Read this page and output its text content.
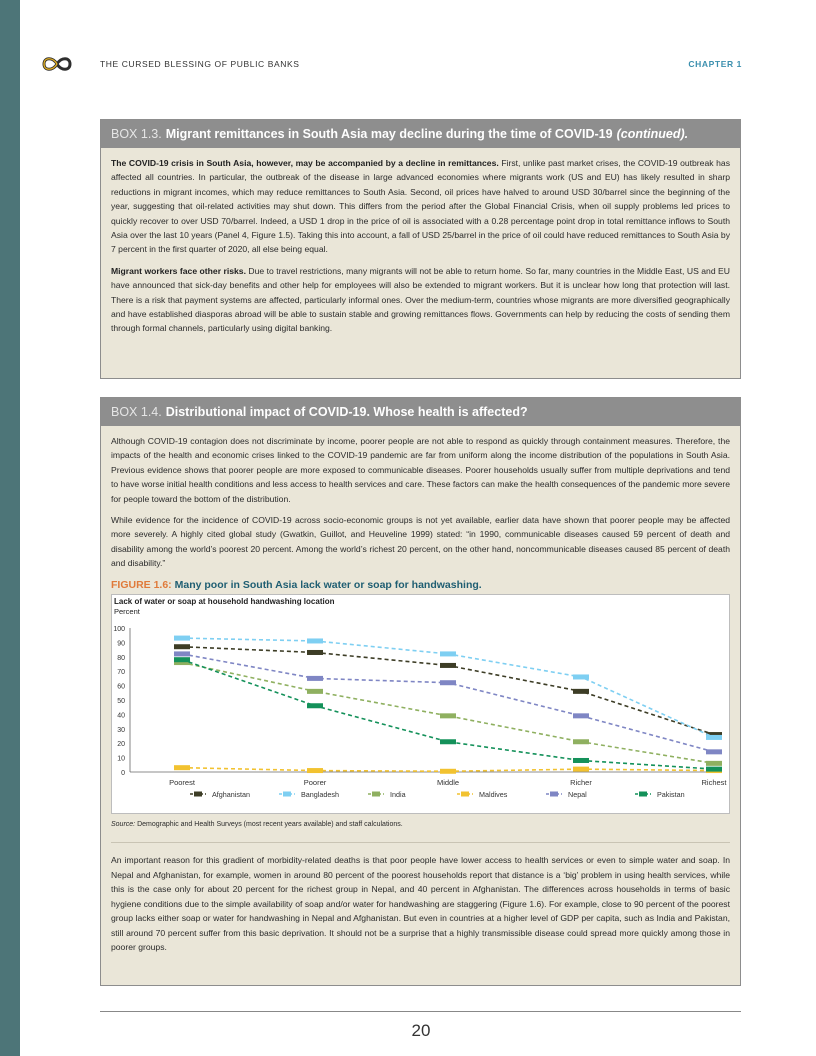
THE CURSED BLESSING OF PUBLIC BANKS	CHAPTER 1
BOX 1.3. Migrant remittances in South Asia may decline during the time of COVID-19 (continued).

The COVID-19 crisis in South Asia, however, may be accompanied by a decline in remittances. First, unlike past market crises, the COVID-19 outbreak has affected all countries. In particular, the outbreak of the disease in large advanced economies where migrants work (US and EU) has likely resulted in sharp reductions in migrant incomes, which may reduce remittances to South Asia. Second, oil prices have halved to around USD 30/barrel since the beginning of the year, suggesting that oil-related activities may shut down. This differs from the period after the Global Financial Crisis, when oil supply problems led prices to quickly recover to over USD 70/barrel. Indeed, a USD 1 drop in the price of oil is associated with a 0.28 percentage point drop in total remittance inflows to South Asia over the last 10 years (Panel 4, Figure 1.5). Taking this into account, a fall of USD 25/barrel in the price of oil could have reduced remittances to South Asia by 7 percent in the first quarter of 2020, all else being equal.

Migrant workers face other risks. Due to travel restrictions, many migrants will not be able to return home. So far, many countries in the Middle East, US and EU have announced that sick-day benefits and other help for employees will also be extended to migrant workers. But it is unclear how long that protection will last. There is a risk that payment systems are affected, particularly informal ones. Over the medium-term, countries whose migrants are more diversified geographically and have established diasporas abroad will be able to sustain stable and growing remittances flows. Governments can help by reducing the costs of sending them through formal channels, particularly using digital banking.

BOX 1.4. Distributional impact of COVID-19. Whose health is affected?

Although COVID-19 contagion does not discriminate by income, poorer people are not able to respond as quickly through containment measures. Therefore, the impacts of the health and economic crises linked to the COVID-19 pandemic are far from uniform along the income distribution of the populations in South Asia. Previous evidence shows that poorer people are more exposed to communicable diseases. Poorer households usually suffer from multiple deprivations and tend to have worse initial health conditions and less access to health services and care. These factors can make the health consequences of the pandemic more severe for people toward the bottom of the distribution.

While evidence for the incidence of COVID-19 across socio-economic groups is not yet available, earlier data have shown that poorer people may be affected more severely. A highly cited global study (Gwatkin, Guillot, and Heuveline 1999) stated: “in 1990, communicable diseases caused 59 percent of death and disability among the world’s poorest 20 percent. Among the world’s richest 20 percent, on the other hand, noncommunicable diseases caused 85 percent of death and disability.”

FIGURE 1.6: Many poor in South Asia lack water or soap for handwashing.
Lack of water or soap at household handwashing location
Percent
0
10
20
30
40
50
60
70
80
90
100
Poorest	Poorer	Middle	Richer	Richest
Afghanistan	Bangladesh	India	Maldives	Nepal	Pakistan
Source: Demographic and Health Surveys (most recent years available) and staff calculations.

An important reason for this gradient of morbidity-related deaths is that poor people have lower access to health services or even to simple water and soap. In Nepal and Afghanistan, for example, women in around 80 percent of the poorest households report that distance is a ‘big’ problem in using health services, while this is the case only for about 20 percent for the richest group in Nepal, and 40 percent in Afghanistan. The differences across households in terms of basic hygiene conditions due to the simple availability of soap and/or water for handwashing are staggering (Figure 1.6). For example, close to 90 percent of the poorest group lacks either soap or water for handwashing in Nepal and Afghanistan. But even in countries at a higher level of GDP per capita, such as India and Pakistan, still around 70 percent suffer from this basic deprivation. It should not be a surprise that a highly transmissible disease could spread more quickly among those in poorer groups.

20
